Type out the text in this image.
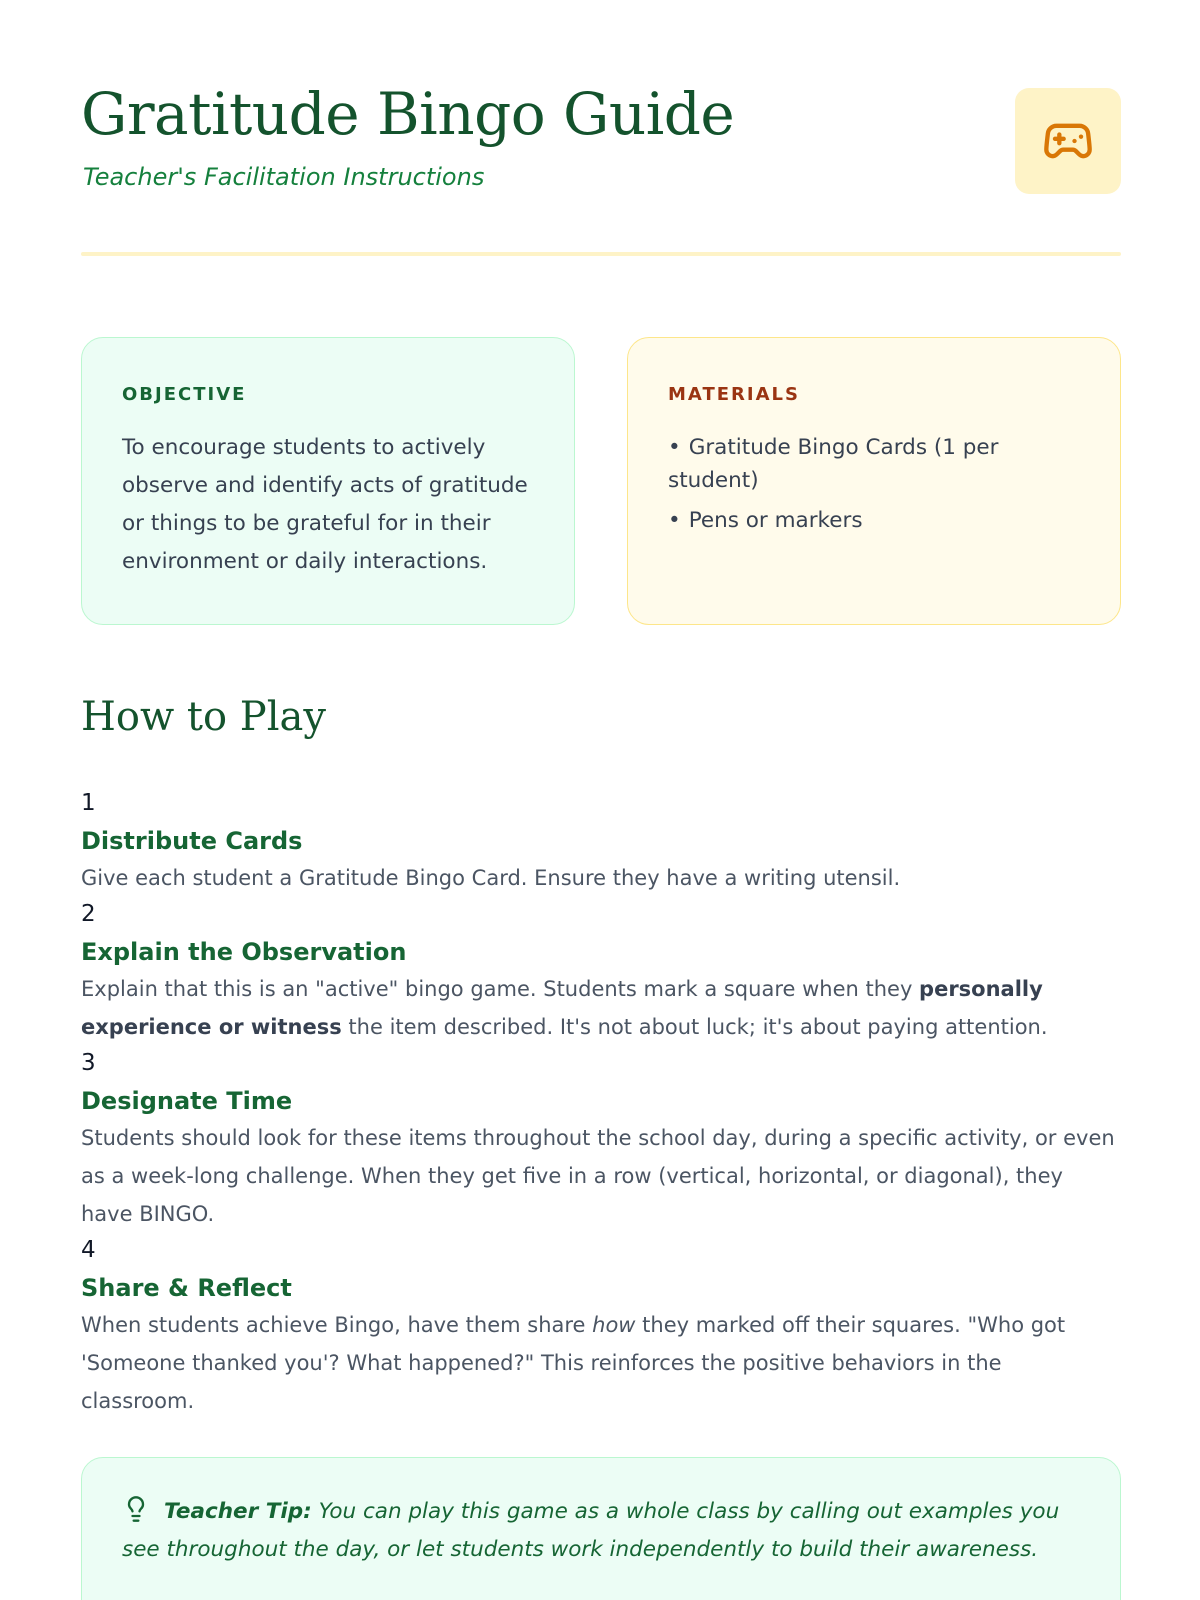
Gratitude Bingo Guide
Teacher's Facilitation Instructions
OBJECTIVE

To encourage students to actively observe and identify acts of gratitude or things to be grateful for in their environment or daily interactions.

MATERIALS
• Gratitude Bingo Cards (1 per student)
• Pens or markers
How to Play
1
Distribute Cards

Give each student a Gratitude Bingo Card. Ensure they have a writing utensil.

2
Explain the Observation

Explain that this is an "active" bingo game. Students mark a square when they personally experience or witness the item described. It's not about luck; it's about paying attention.

3
Designate Time

Students should look for these items throughout the school day, during a specific activity, or even as a week-long challenge. When they get five in a row (vertical, horizontal, or diagonal), they have BINGO.

4
Share & Reflect

When students achieve Bingo, have them share how they marked off their squares. "Who got 'Someone thanked you'? What happened?" This reinforces the positive behaviors in the classroom.

Teacher Tip: You can play this game as a whole class by calling out examples you see throughout the day, or let students work independently to build their awareness.
